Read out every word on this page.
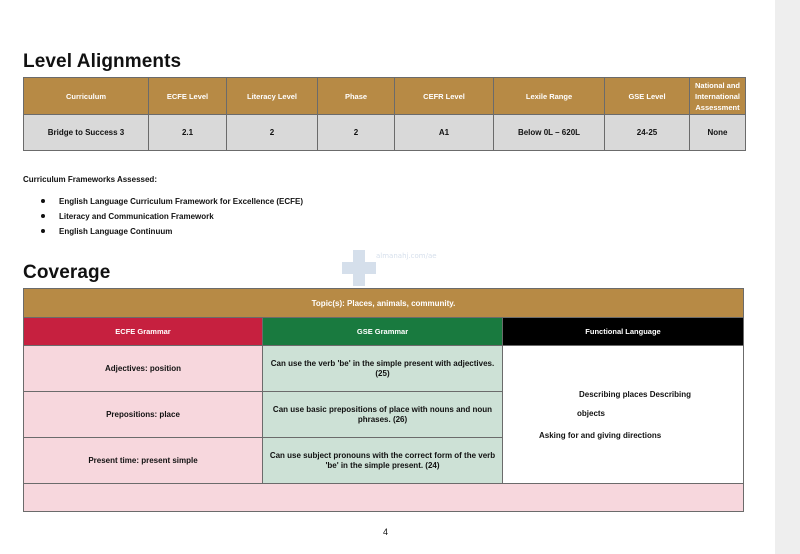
Level Alignments
Curriculum	ECFE Level	Literacy Level	Phase	CEFR Level	Lexile Range	GSE Level	National and International Assessment
Bridge to Success 3	2.1	2	2	A1	Below 0L – 620L	24-25	None
Curriculum Frameworks Assessed:
English Language Curriculum Framework for Excellence (ECFE)
Literacy and Communication Framework
English Language Continuum
almanahj.com/ae
Coverage
Topic(s): Places, animals, community.		
ECFE Grammar	GSE Grammar	Functional Language
Adjectives: position	Can use the verb 'be' in the simple present with adjectives. (25)	Describing places Describing
objects
Asking for and giving directions

Prepositions: place	Can use basic prepositions of place with nouns and noun phrases. (26)	
Present time: present simple	Can use subject pronouns with the correct form of the verb 'be' in the simple present. (24)	

4
